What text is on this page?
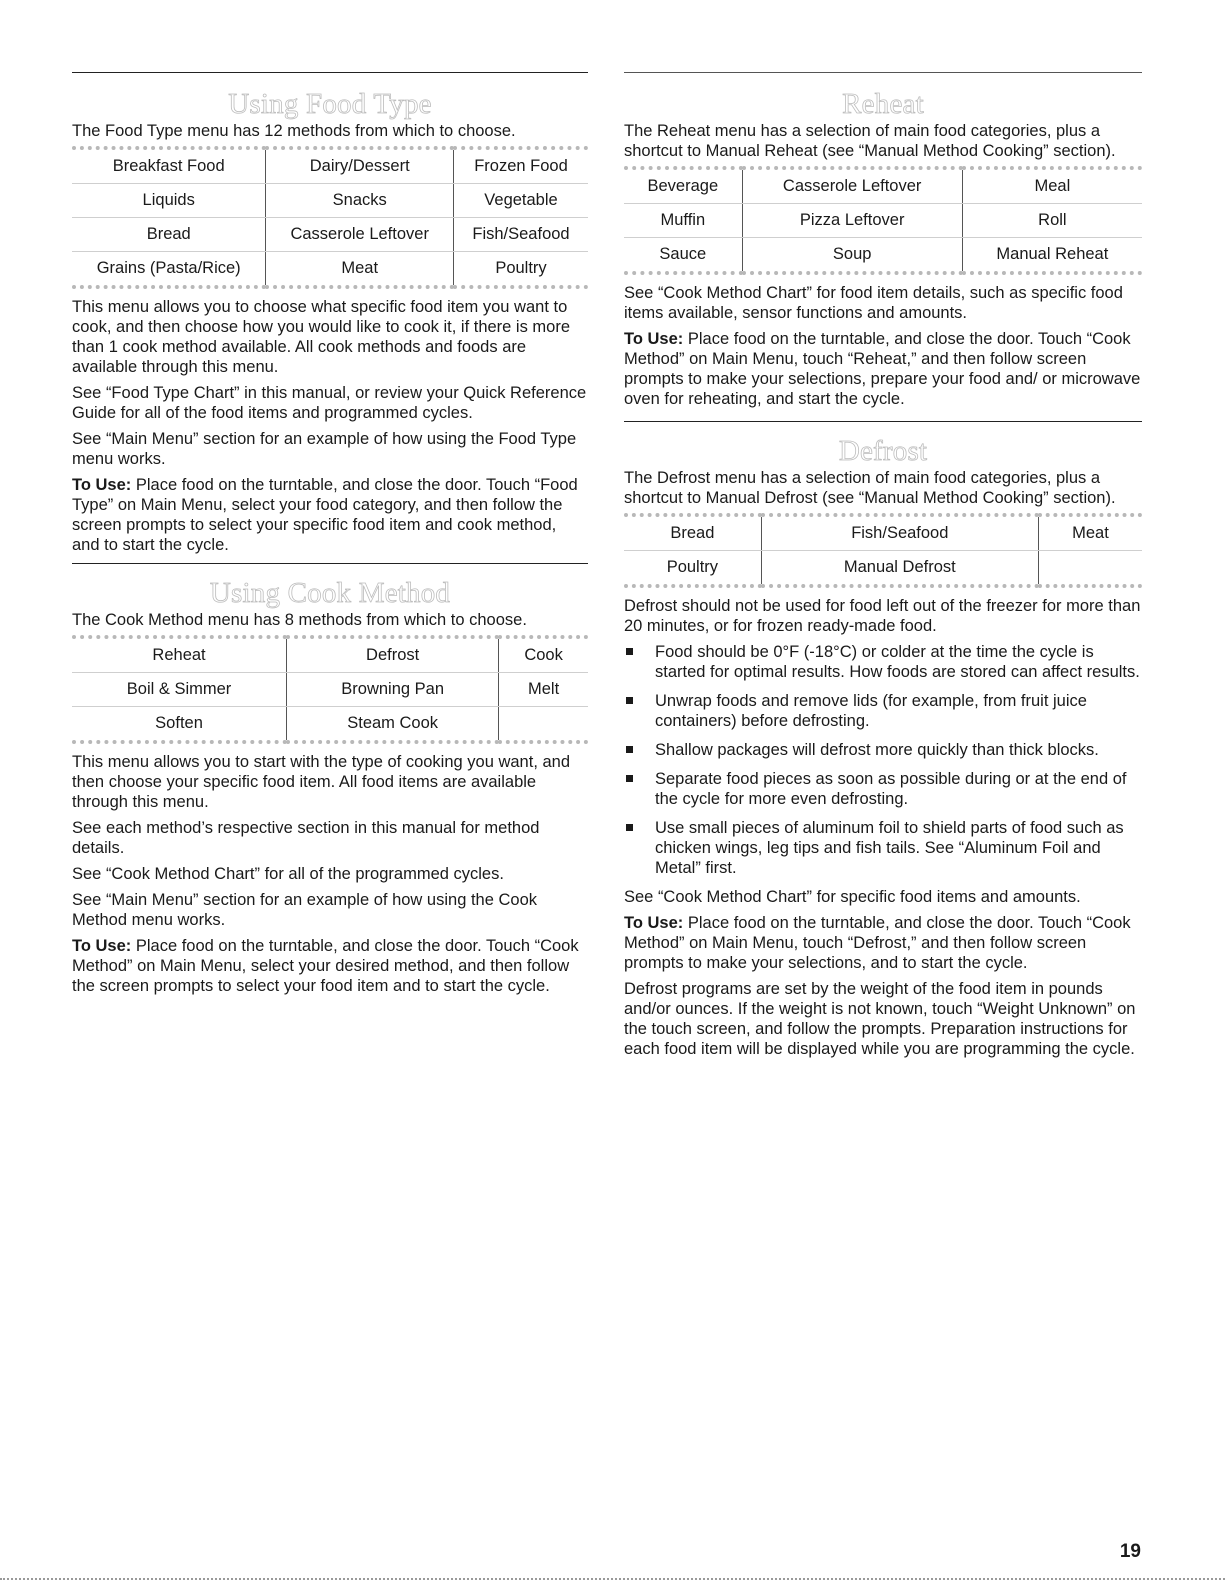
Using Food Type

The Food Type menu has 12 methods from which to choose.

Breakfast Food	Dairy/Dessert	Frozen Food
Liquids	Snacks	Vegetable
Bread	Casserole Leftover	Fish/Seafood
Grains (Pasta/Rice)	Meat	Poultry

This menu allows you to choose what specific food item you want to cook, and then choose how you would like to cook it, if there is more than 1 cook method available. All cook methods and foods are available through this menu.

See “Food Type Chart” in this manual, or review your Quick Reference Guide for all of the food items and programmed cycles.

See “Main Menu” section for an example of how using the Food Type menu works.

To Use: Place food on the turntable, and close the door. Touch “Food Type” on Main Menu, select your food category, and then follow the screen prompts to select your specific food item and cook method, and to start the cycle.

Using Cook Method

The Cook Method menu has 8 methods from which to choose.

Reheat	Defrost	Cook
Boil & Simmer	Browning Pan	Melt
Soften	Steam Cook	

This menu allows you to start with the type of cooking you want, and then choose your specific food item. All food items are available through this menu.

See each method’s respective section in this manual for method details.

See “Cook Method Chart” for all of the programmed cycles.

See “Main Menu” section for an example of how using the Cook Method menu works.

To Use: Place food on the turntable, and close the door. Touch “Cook Method” on Main Menu, select your desired method, and then follow the screen prompts to select your food item and to start the cycle.

Reheat

The Reheat menu has a selection of main food categories, plus a shortcut to Manual Reheat (see “Manual Method Cooking” section).

Beverage	Casserole Leftover	Meal
Muffin	Pizza Leftover	Roll
Sauce	Soup	Manual Reheat

See “Cook Method Chart” for food item details, such as specific food items available, sensor functions and amounts.

To Use: Place food on the turntable, and close the door. Touch “Cook Method” on Main Menu, touch “Reheat,” and then follow screen prompts to make your selections, prepare your food and/ or microwave oven for reheating, and start the cycle.

Defrost

The Defrost menu has a selection of main food categories, plus a shortcut to Manual Defrost (see “Manual Method Cooking” section).

Bread	Fish/Seafood	Meat
Poultry	Manual Defrost	

Defrost should not be used for food left out of the freezer for more than 20 minutes, or for frozen ready-made food.

Food should be 0°F (-18°C) or colder at the time the cycle is started for optimal results. How foods are stored can affect results.
Unwrap foods and remove lids (for example, from fruit juice containers) before defrosting.
Shallow packages will defrost more quickly than thick blocks.
Separate food pieces as soon as possible during or at the end of the cycle for more even defrosting.
Use small pieces of aluminum foil to shield parts of food such as chicken wings, leg tips and fish tails. See “Aluminum Foil and Metal” first.

See “Cook Method Chart” for specific food items and amounts.

To Use: Place food on the turntable, and close the door. Touch “Cook Method” on Main Menu, touch “Defrost,” and then follow screen prompts to make your selections, and to start the cycle.

Defrost programs are set by the weight of the food item in pounds and/or ounces. If the weight is not known, touch “Weight Unknown” on the touch screen, and follow the prompts. Preparation instructions for each food item will be displayed while you are programming the cycle.

19
